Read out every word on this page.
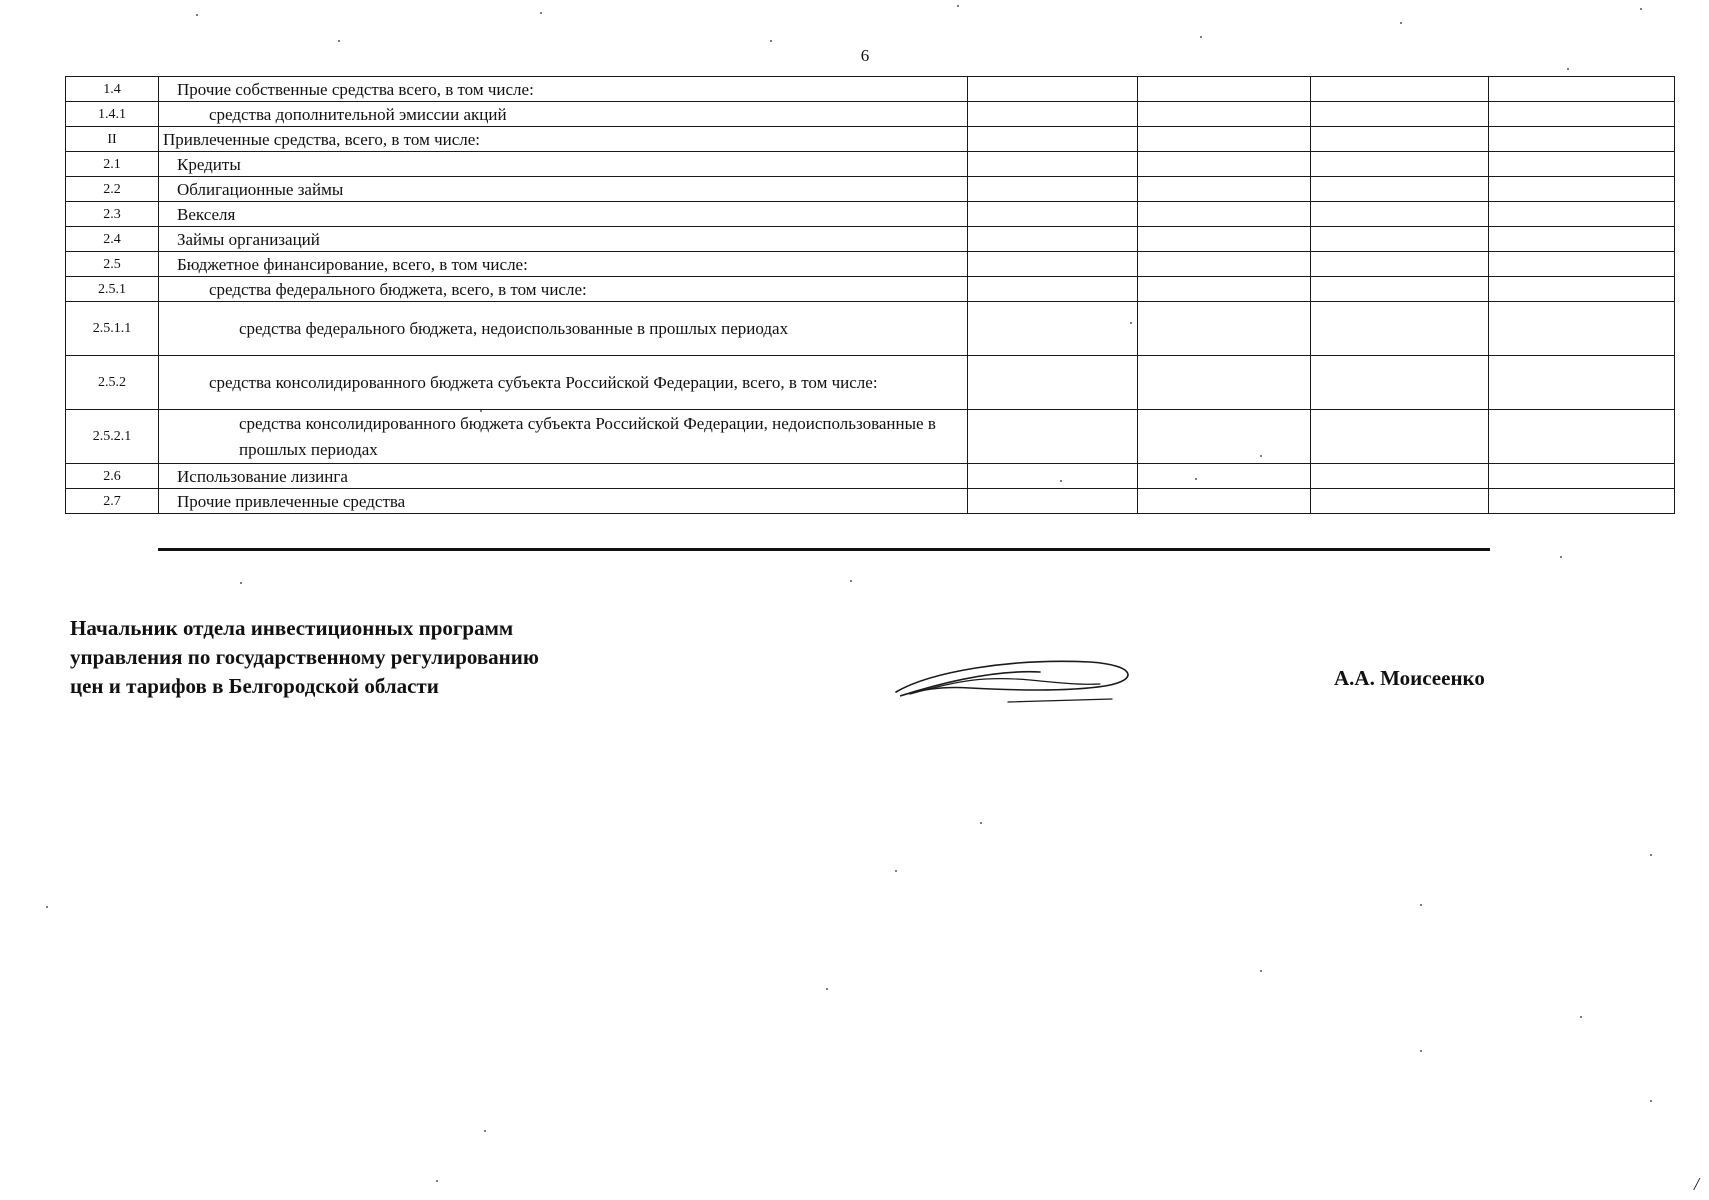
6
1.4	Прочие собственные средства всего, в том числе:				
1.4.1	средства дополнительной эмиссии акций				
II	Привлеченные средства, всего, в том числе:				
2.1	Кредиты				
2.2	Облигационные займы				
2.3	Векселя				
2.4	Займы организаций				
2.5	Бюджетное финансирование, всего, в том числе:				
2.5.1	средства федерального бюджета, всего, в том числе:				
2.5.1.1	средства федерального бюджета, недоиспользованные в прошлых периодах				
2.5.2	средства консолидированного бюджета субъекта Российской Федерации, всего, в том числе:				
2.5.2.1	средства консолидированного бюджета субъекта Российской Федерации, недоиспользованные в прошлых периодах				
2.6	Использование лизинга				
2.7	Прочие привлеченные средства				
Начальник отдела инвестиционных программ
управления по государственному регулированию
цен и тарифов в Белгородской области	А.А. Моисеенко
/
